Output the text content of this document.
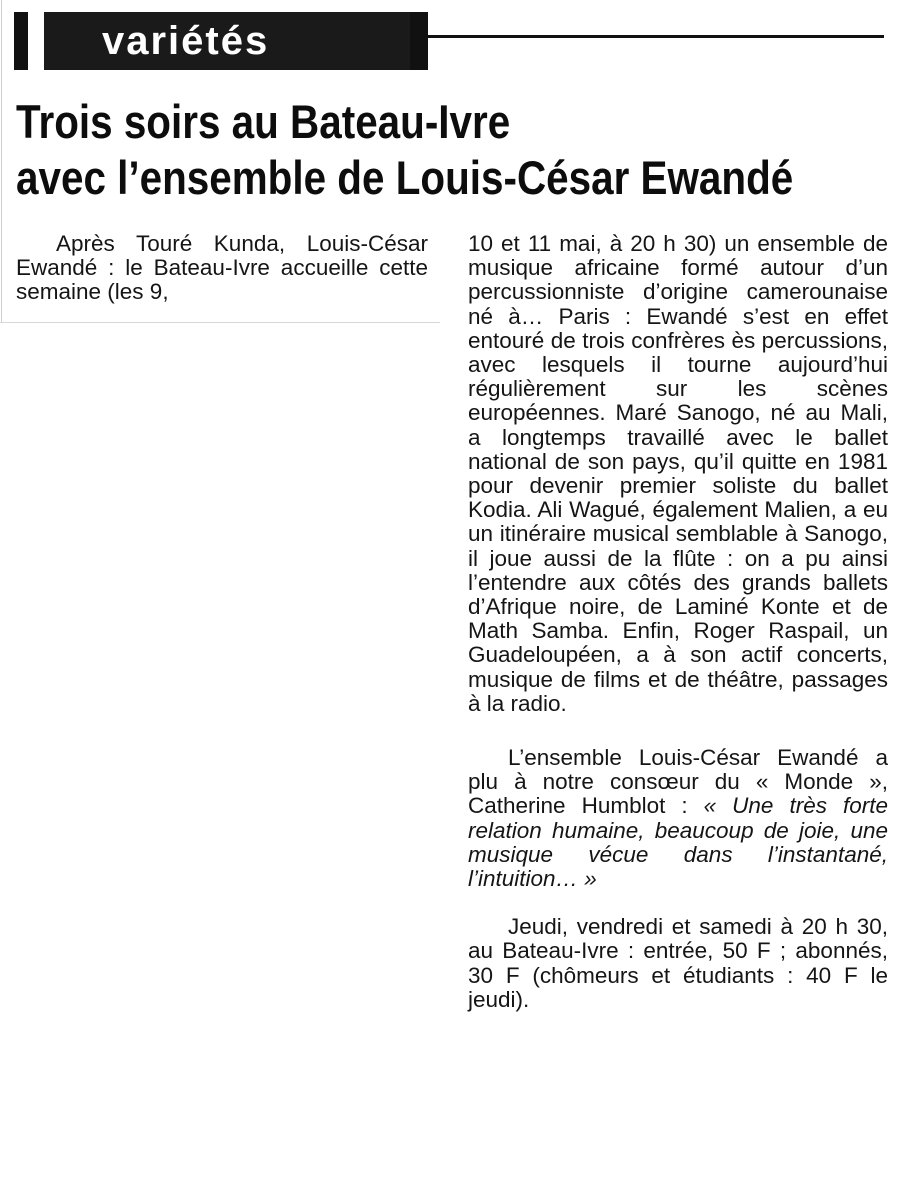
variétés
Trois soirs au Bateau-Ivre
avec l’ensemble de Louis-César Ewandé

Après Touré Kunda, Louis-César Ewandé : le Bateau-Ivre accueille cette semaine (les 9,

10 et 11 mai, à 20 h 30) un ensemble de musique africaine formé autour d’un percussionniste d’origine camerounaise né à… Paris : Ewandé s’est en effet entouré de trois confrères ès percussions, avec lesquels il tourne aujourd’hui régulièrement sur les scènes européennes. Maré Sanogo, né au Mali, a longtemps travaillé avec le ballet national de son pays, qu’il quitte en 1981 pour devenir premier soliste du ballet Kodia. Ali Wagué, également Malien, a eu un itinéraire musical semblable à Sanogo, il joue aussi de la flûte : on a pu ainsi l’entendre aux côtés des grands ballets d’Afrique noire, de Laminé Konte et de Math Samba. Enfin, Roger Raspail, un Guadeloupéen, a à son actif concerts, musique de films et de théâtre, passages à la radio.

L’ensemble Louis-César Ewandé a plu à notre consœur du « Monde », Catherine Humblot : « Une très forte relation humaine, beaucoup de joie, une musique vécue dans l’instantané, l’intuition… »

Jeudi, vendredi et samedi à 20 h 30, au Bateau-Ivre : entrée, 50 F ; abonnés, 30 F (chômeurs et étudiants : 40 F le jeudi).
